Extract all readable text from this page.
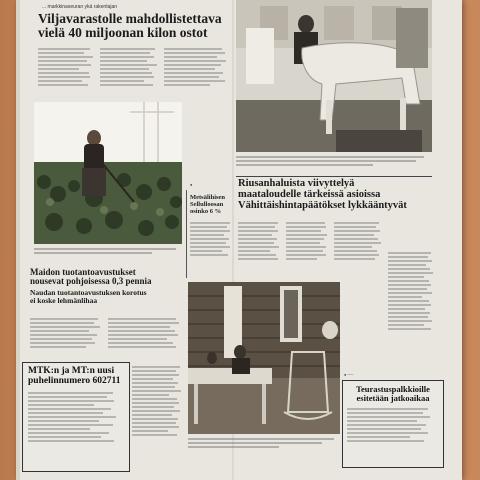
... markkinaseuran ykä rakentajan
Viljavarastolle mahdollistettava
vielä 40 miljoonan kilon ostot
Metsälihisen
Sellulloosan
osinko 6 %
Maidon tuotantoavustukset
nousevat pohjoisessa 0,3 pennia
Naudan tuotantoavustuksen korotus
ei koske lehmänlihaa
MTK:n ja MT:n uusi
puhelinnumero 602711
●	Riusanhaluista viivyttelyä
maataloudelle tärkeissä asioissa
Vähittäishintapäätökset lykkääntyvät
● ──
Teurastuspalkkioille
esitetään jatkoaikaa
